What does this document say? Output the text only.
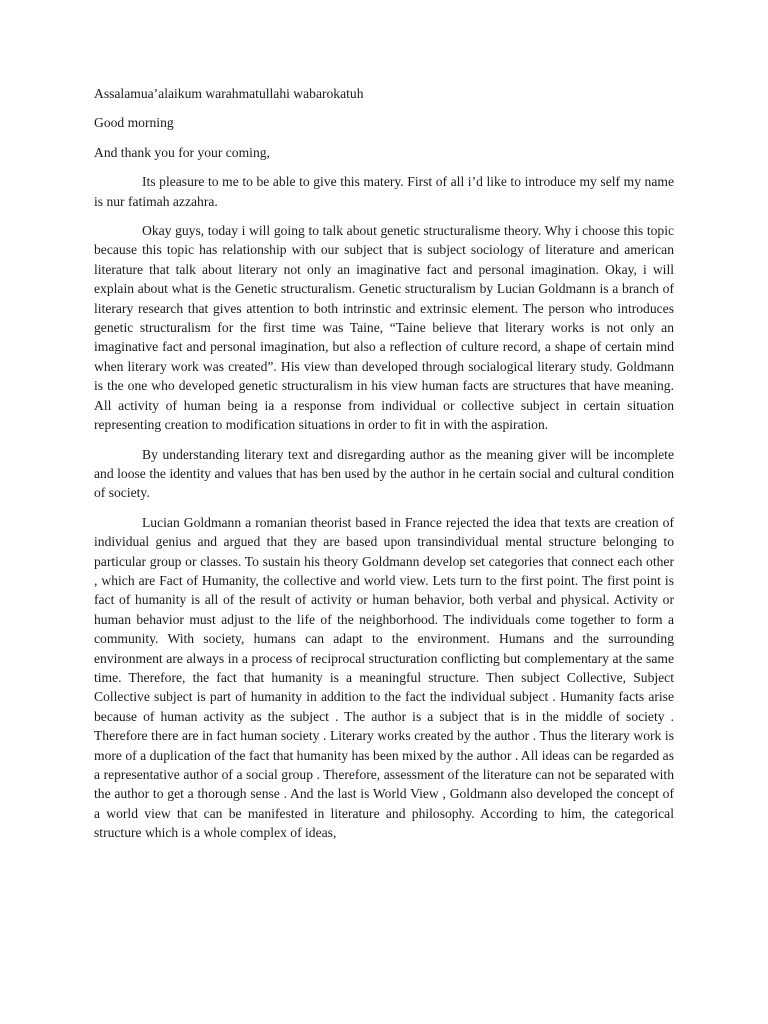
Assalamua’alaikum warahmatullahi wabarokatuh

Good morning

And thank you for your coming,

Its pleasure to me to be able to give this matery. First of all i’d like to introduce my self my name is nur fatimah azzahra.

Okay guys, today i will going to talk about genetic structuralisme theory. Why i choose this topic because this topic has relationship with our subject that is subject sociology of literature and american literature that talk about literary not only an imaginative fact and personal imagination. Okay, i will explain about what is the Genetic structuralism. Genetic structuralism by Lucian Goldmann is a branch of literary research that gives attention to both intrinstic and extrinsic element. The person who introduces genetic structuralism for the first time was Taine, “Taine believe that literary works is not only an imaginative fact and personal imagination, but also a reflection of culture record, a shape of certain mind when literary work was created”. His view than developed through socialogical literary study. Goldmann is the one who developed genetic structuralism in his view human facts are structures that have meaning. All activity of human being ia a response from individual or collective subject in certain situation representing creation to modification situations in order to fit in with the aspiration.

By understanding literary text and disregarding author as the meaning giver will be incomplete and loose the identity and values that has ben used by the author in he certain social and cultural condition of society.

Lucian Goldmann a romanian theorist based in France rejected the idea that texts are creation of individual genius and argued that they are based upon transindividual mental structure belonging to particular group or classes. To sustain his theory Goldmann develop set categories that connect each other , which are Fact of Humanity, the collective and world view. Lets turn to the first point. The first point is fact of humanity is all of the result of activity or human behavior, both verbal and physical. Activity or human behavior must adjust to the life of the neighborhood. The individuals come together to form a community. With society, humans can adapt to the environment. Humans and the surrounding environment are always in a process of reciprocal structuration conflicting but complementary at the same time. Therefore, the fact that humanity is a meaningful structure. Then subject Collective, Subject Collective subject is part of humanity in addition to the fact the individual subject . Humanity facts arise because of human activity as the subject . The author is a subject that is in the middle of society . Therefore there are in fact human society . Literary works created by the author . Thus the literary work is more of a duplication of the fact that humanity has been mixed by the author . All ideas can be regarded as a representative author of a social group . Therefore, assessment of the literature can not be separated with the author to get a thorough sense . And the last is World View , Goldmann also developed the concept of a world view that can be manifested in literature and philosophy. According to him, the categorical structure which is a whole complex of ideas,
